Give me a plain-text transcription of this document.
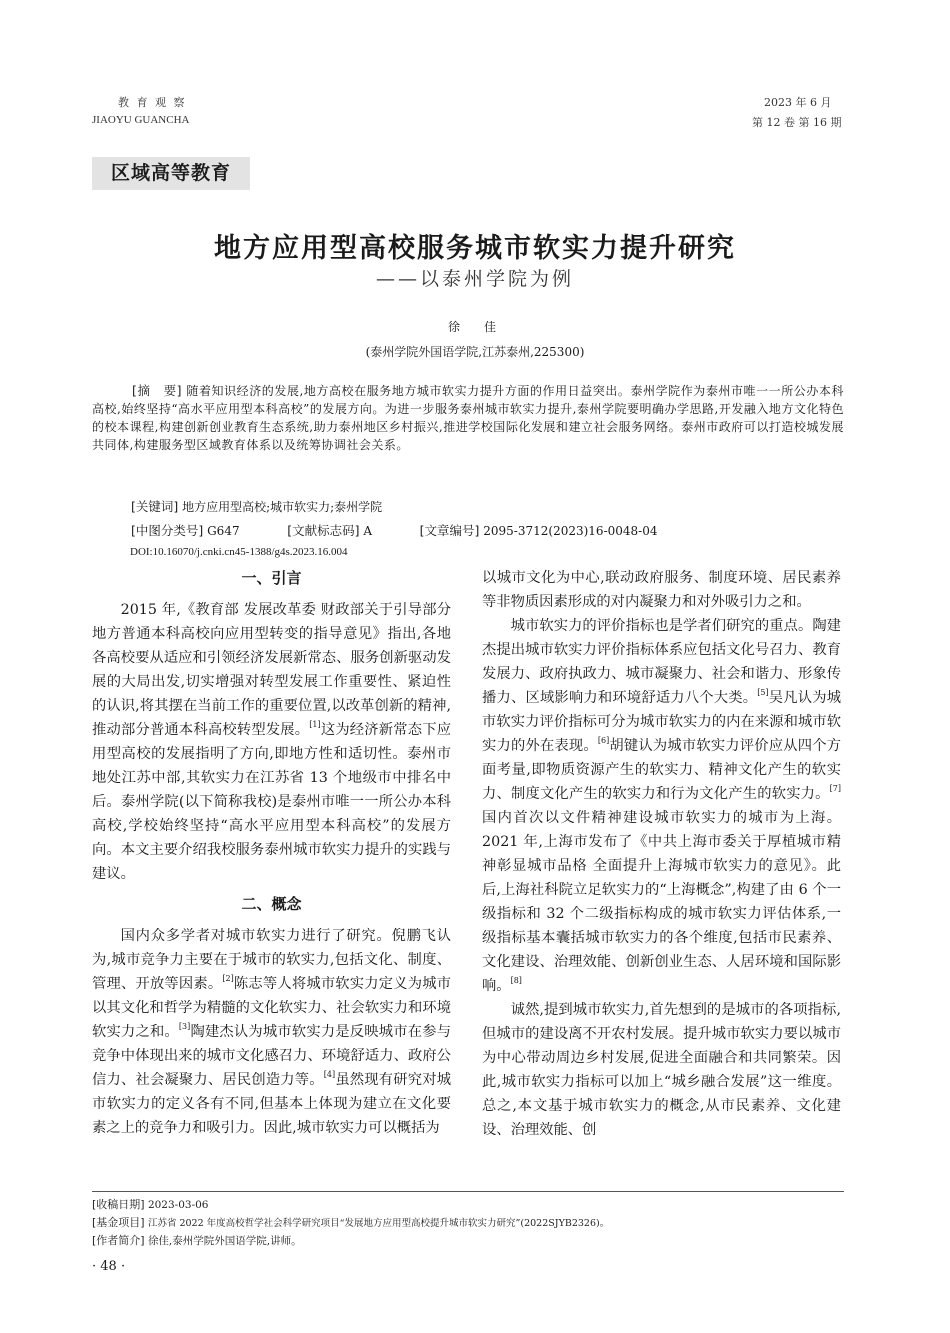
教 育 观 察
JIAOYU GUANCHA
2023 年 6 月
第 12 卷 第 16 期
区域高等教育
地方应用型高校服务城市软实力提升研究
——以泰州学院为例
徐　佳
(泰州学院外国语学院,江苏泰州,225300)
[摘　要] 随着知识经济的发展,地方高校在服务地方城市软实力提升方面的作用日益突出。泰州学院作为泰州市唯一一所公办本科高校,始终坚持“高水平应用型本科高校”的发展方向。为进一步服务泰州城市软实力提升,泰州学院要明确办学思路,开发融入地方文化特色的校本课程,构建创新创业教育生态系统,助力泰州地区乡村振兴,推进学校国际化发展和建立社会服务网络。泰州市政府可以打造校城发展共同体,构建服务型区域教育体系以及统筹协调社会关系。
[关键词] 地方应用型高校;城市软实力;泰州学院
[中图分类号] G647	[文献标志码] A	[文章编号] 2095-3712(2023)16-0048-04
DOI:10.16070/j.cnki.cn45-1388/g4s.2023.16.004
一、引言

2015 年,《教育部 发展改革委 财政部关于引导部分地方普通本科高校向应用型转变的指导意见》指出,各地各高校要从适应和引领经济发展新常态、服务创新驱动发展的大局出发,切实增强对转型发展工作重要性、紧迫性的认识,将其摆在当前工作的重要位置,以改革创新的精神,推动部分普通本科高校转型发展。[1]这为经济新常态下应用型高校的发展指明了方向,即地方性和适切性。泰州市地处江苏中部,其软实力在江苏省 13 个地级市中排名中后。泰州学院(以下简称我校)是泰州市唯一一所公办本科高校,学校始终坚持“高水平应用型本科高校”的发展方向。本文主要介绍我校服务泰州城市软实力提升的实践与建议。

二、概念

国内众多学者对城市软实力进行了研究。倪鹏飞认为,城市竞争力主要在于城市的软实力,包括文化、制度、管理、开放等因素。[2]陈志等人将城市软实力定义为城市以其文化和哲学为精髓的文化软实力、社会软实力和环境软实力之和。[3]陶建杰认为城市软实力是反映城市在参与竞争中体现出来的城市文化感召力、环境舒适力、政府公信力、社会凝聚力、居民创造力等。[4]虽然现有研究对城市软实力的定义各有不同,但基本上体现为建立在文化要素之上的竞争力和吸引力。因此,城市软实力可以概括为

以城市文化为中心,联动政府服务、制度环境、居民素养等非物质因素形成的对内凝聚力和对外吸引力之和。

城市软实力的评价指标也是学者们研究的重点。陶建杰提出城市软实力评价指标体系应包括文化号召力、教育发展力、政府执政力、城市凝聚力、社会和谐力、形象传播力、区域影响力和环境舒适力八个大类。[5]吴凡认为城市软实力评价指标可分为城市软实力的内在来源和城市软实力的外在表现。[6]胡键认为城市软实力评价应从四个方面考量,即物质资源产生的软实力、精神文化产生的软实力、制度文化产生的软实力和行为文化产生的软实力。[7]国内首次以文件精神建设城市软实力的城市为上海。2021 年,上海市发布了《中共上海市委关于厚植城市精神彰显城市品格 全面提升上海城市软实力的意见》。此后,上海社科院立足软实力的“上海概念”,构建了由 6 个一级指标和 32 个二级指标构成的城市软实力评估体系,一级指标基本囊括城市软实力的各个维度,包括市民素养、文化建设、治理效能、创新创业生态、人居环境和国际影响。[8]

诚然,提到城市软实力,首先想到的是城市的各项指标,但城市的建设离不开农村发展。提升城市软实力要以城市为中心带动周边乡村发展,促进全面融合和共同繁荣。因此,城市软实力指标可以加上“城乡融合发展”这一维度。总之,本文基于城市软实力的概念,从市民素养、文化建设、治理效能、创

[收稿日期] 2023-03-06
[基金项目] 江苏省 2022 年度高校哲学社会科学研究项目“发展地方应用型高校提升城市软实力研究”(2022SJYB2326)。
[作者简介] 徐佳,泰州学院外国语学院,讲师。
· 48 ·
